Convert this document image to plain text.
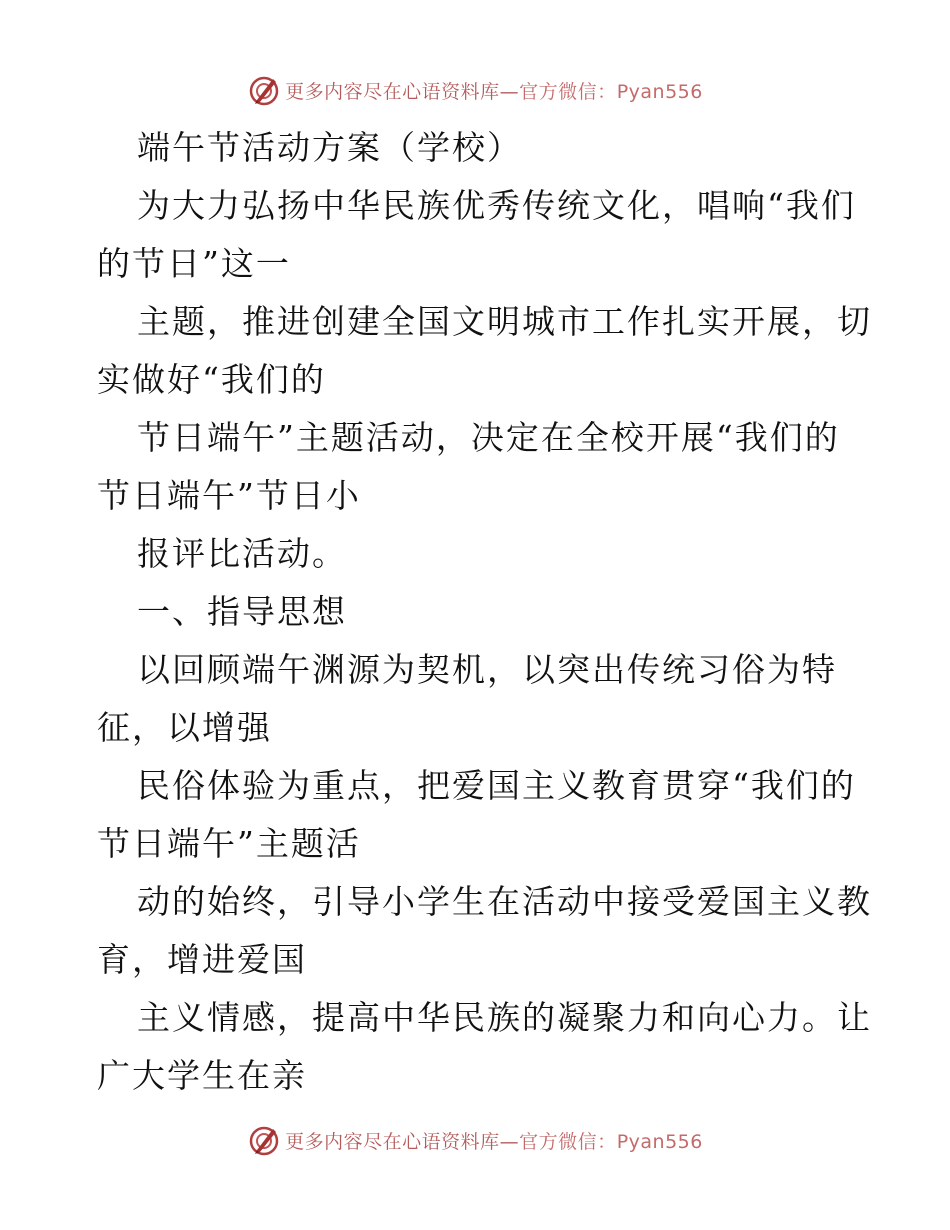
更多内容尽在心语资料库—官方微信：Pyan556
端午节活动方案（学校）
为大力弘扬中华民族优秀传统文化，唱响“我们
的节日”这一
主题，推进创建全国文明城市工作扎实开展，切
实做好“我们的
节日端午”主题活动，决定在全校开展“我们的
节日端午”节日小
报评比活动。
一、指导思想
以回顾端午渊源为契机，以突出传统习俗为特
征，以增强
民俗体验为重点，把爱国主义教育贯穿“我们的
节日端午”主题活
动的始终，引导小学生在活动中接受爱国主义教
育，增进爱国
主义情感，提高中华民族的凝聚力和向心力。让
广大学生在亲
更多内容尽在心语资料库—官方微信：Pyan556
